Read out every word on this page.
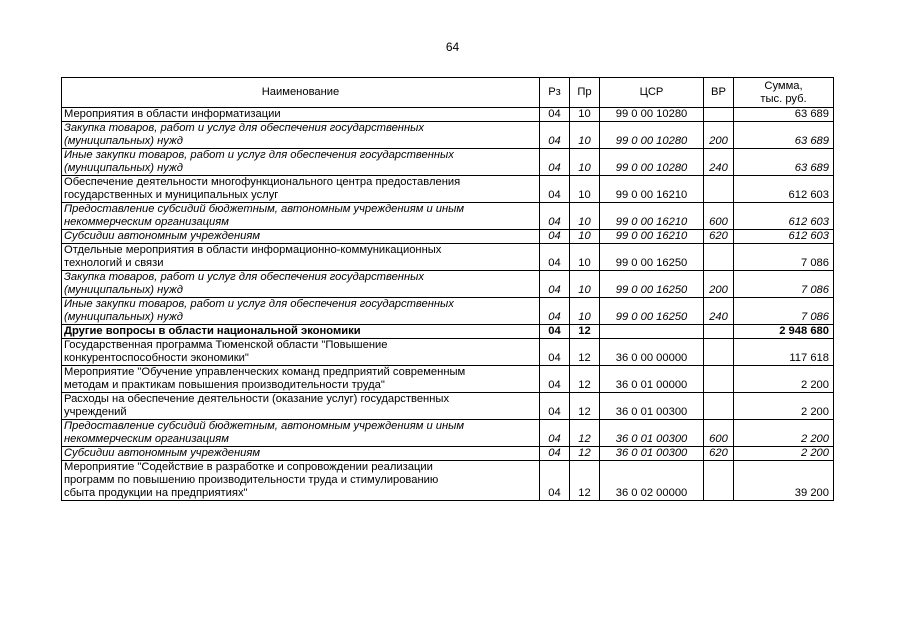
64
Наименование	Рз	Пр	ЦСР	ВР	Сумма,
тыс. руб.

Мероприятия в области информатизации	04	10	99 0 00 10280		63 689

Закупка товаров, работ и услуг для обеспечения государственных
(муниципальных) нужд	04	10	99 0 00 10280	200	63 689

Иные закупки товаров, работ и услуг для обеспечения государственных
(муниципальных) нужд	04	10	99 0 00 10280	240	63 689

Обеспечение деятельности многофункционального центра предоставления
государственных и муниципальных услуг	04	10	99 0 00 16210		612 603

Предоставление субсидий бюджетным, автономным учреждениям и иным
некоммерческим организациям	04	10	99 0 00 16210	600	612 603

Субсидии автономным учреждениям	04	10	99 0 00 16210	620	612 603

Отдельные мероприятия в области информационно-коммуникационных
технологий и связи	04	10	99 0 00 16250		7 086

Закупка товаров, работ и услуг для обеспечения государственных
(муниципальных) нужд	04	10	99 0 00 16250	200	7 086

Иные закупки товаров, работ и услуг для обеспечения государственных
(муниципальных) нужд	04	10	99 0 00 16250	240	7 086

Другие вопросы в области национальной экономики	04	12			2 948 680

Государственная программа Тюменской области "Повышение
конкурентоспособности экономики"	04	12	36 0 00 00000		117 618

Мероприятие "Обучение управленческих команд предприятий современным
методам и практикам повышения производительности труда"	04	12	36 0 01 00000		2 200

Расходы на обеспечение деятельности (оказание услуг) государственных
учреждений	04	12	36 0 01 00300		2 200

Предоставление субсидий бюджетным, автономным учреждениям и иным
некоммерческим организациям	04	12	36 0 01 00300	600	2 200

Субсидии автономным учреждениям	04	12	36 0 01 00300	620	2 200

Мероприятие "Содействие в разработке и сопровождении реализации
программ по повышению производительности труда и стимулированию
сбыта продукции на предприятиях"	04	12	36 0 02 00000		39 200
